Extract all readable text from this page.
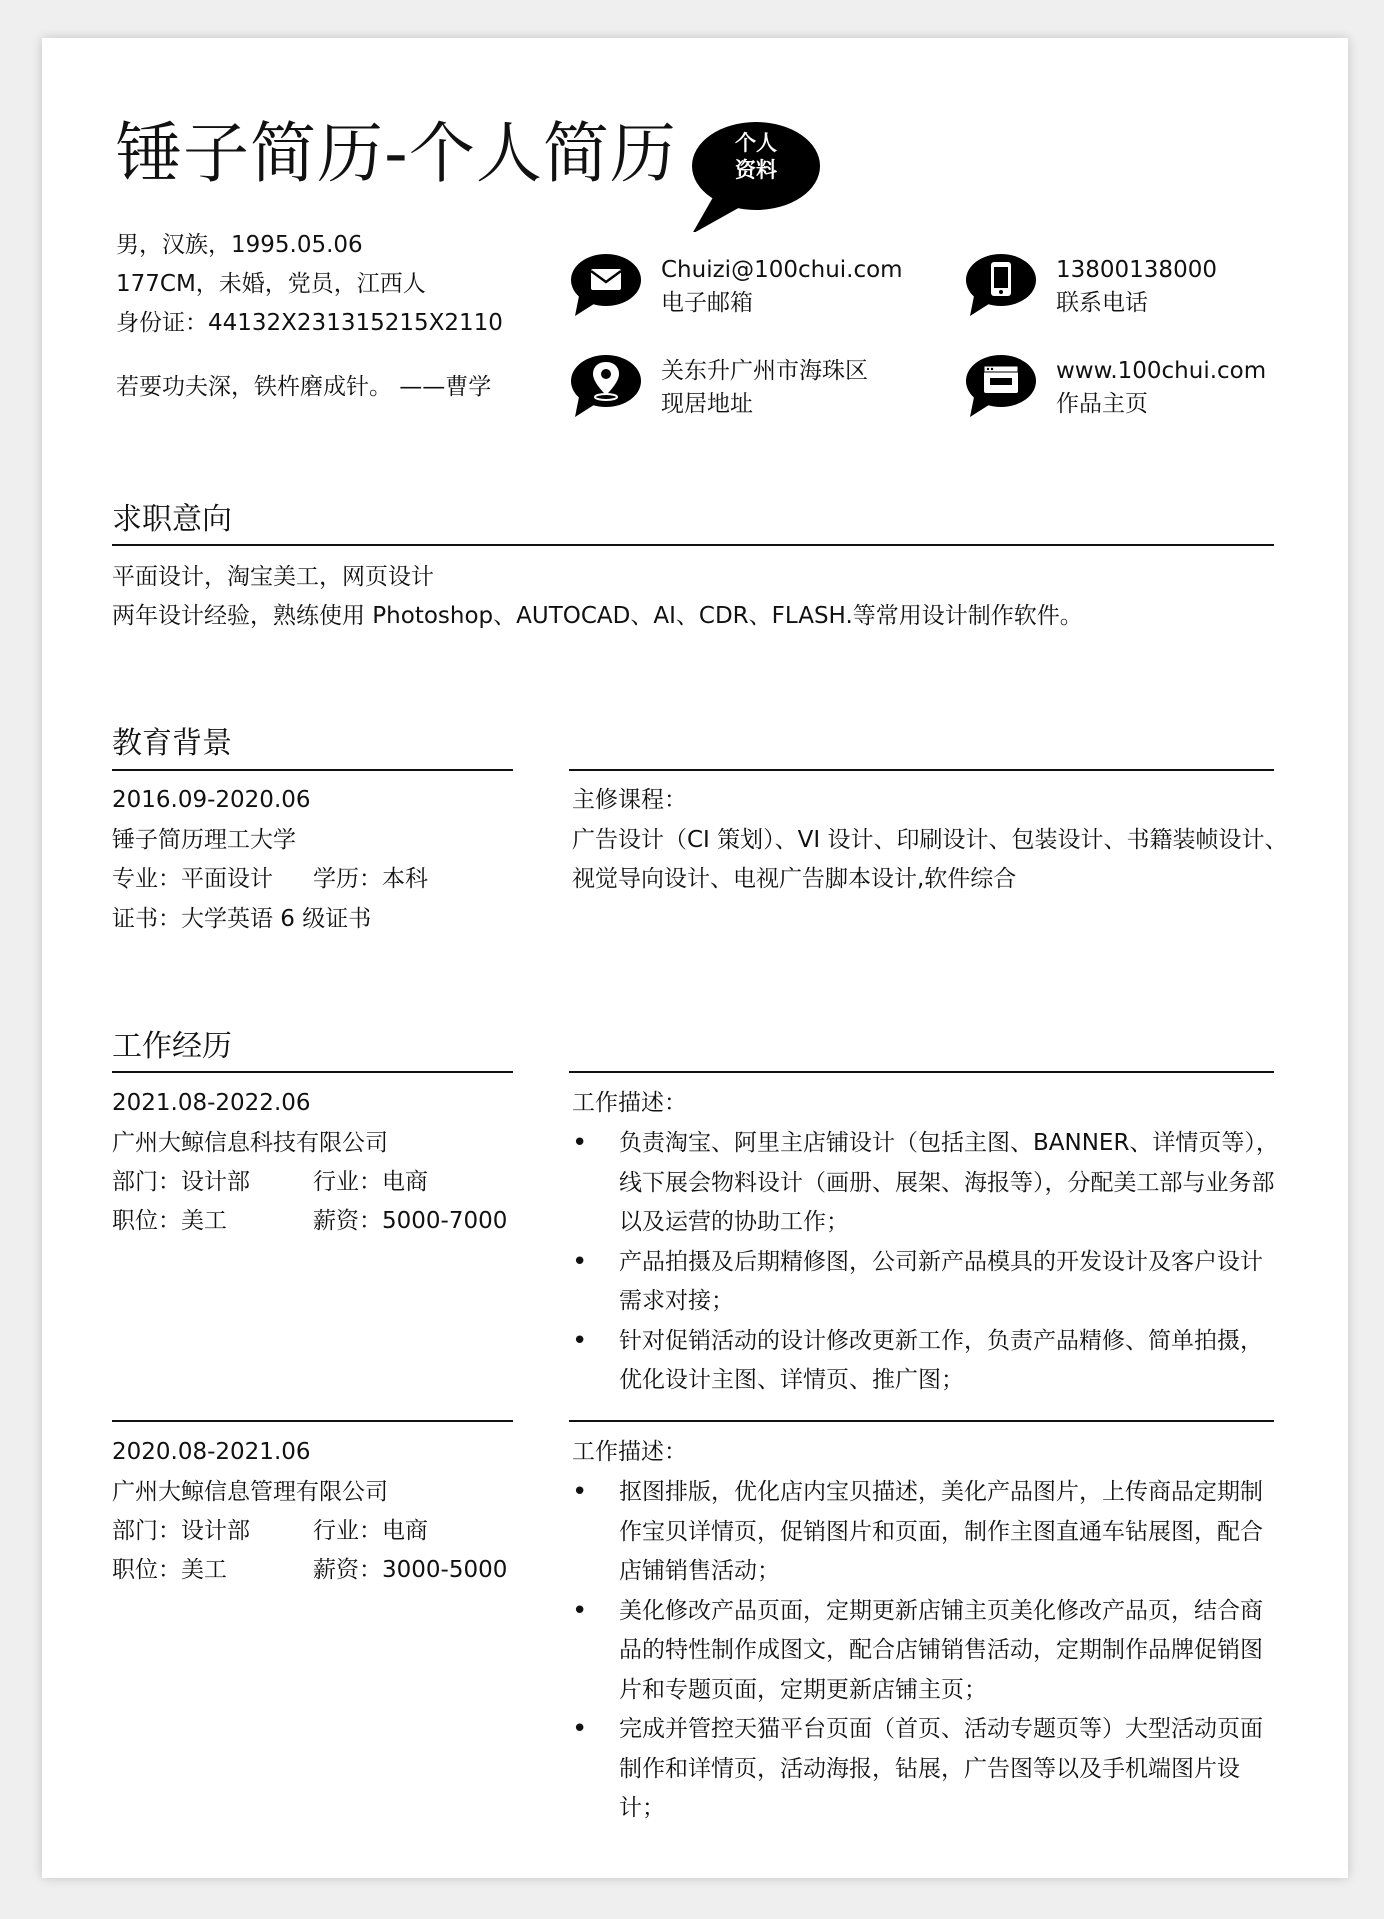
锤子简历-个人简历	个人
资料
男，汉族，1995.05.06
177CM，未婚，党员，江西人
身份证：44132X231315215X2110
若要功夫深，铁杵磨成针。 ——曹学
Chuizi@100chui.com
电子邮箱
13800138000
联系电话
关东升广州市海珠区
现居地址
www.100chui.com
作品主页
求职意向
平面设计，淘宝美工，网页设计
两年设计经验，熟练使用 Photoshop、AUTOCAD、AI、CDR、FLASH.等常用设计制作软件。
教育背景
2016.09-2020.06
锤子简历理工大学
专业：平面设计 学历：本科
证书：大学英语 6 级证书
主修课程：
广告设计（CI 策划）、VI 设计、印刷设计、包装设计、书籍装帧设计、
视觉导向设计、电视广告脚本设计,软件综合
工作经历
2021.08-2022.06
广州大鲸信息科技有限公司
部门：设计部	行业：电商
职位：美工	薪资：5000-7000
工作描述：
• 负责淘宝、阿里主店铺设计（包括主图、BANNER、详情页等），线下展会物料设计（画册、展架、海报等），分配美工部与业务部以及运营的协助工作；
• 产品拍摄及后期精修图，公司新产品模具的开发设计及客户设计需求对接；
• 针对促销活动的设计修改更新工作，负责产品精修、简单拍摄，优化设计主图、详情页、推广图；
2020.08-2021.06
广州大鲸信息管理有限公司
部门：设计部	行业：电商
职位：美工	薪资：3000-5000
工作描述：
• 抠图排版，优化店内宝贝描述，美化产品图片，上传商品定期制作宝贝详情页，促销图片和页面，制作主图直通车钻展图，配合店铺销售活动；
• 美化修改产品页面，定期更新店铺主页美化修改产品页，结合商品的特性制作成图文，配合店铺销售活动，定期制作品牌促销图片和专题页面，定期更新店铺主页；
• 完成并管控天猫平台页面（首页、活动专题页等）大型活动页面制作和详情页，活动海报，钻展，广告图等以及手机端图片设计；
